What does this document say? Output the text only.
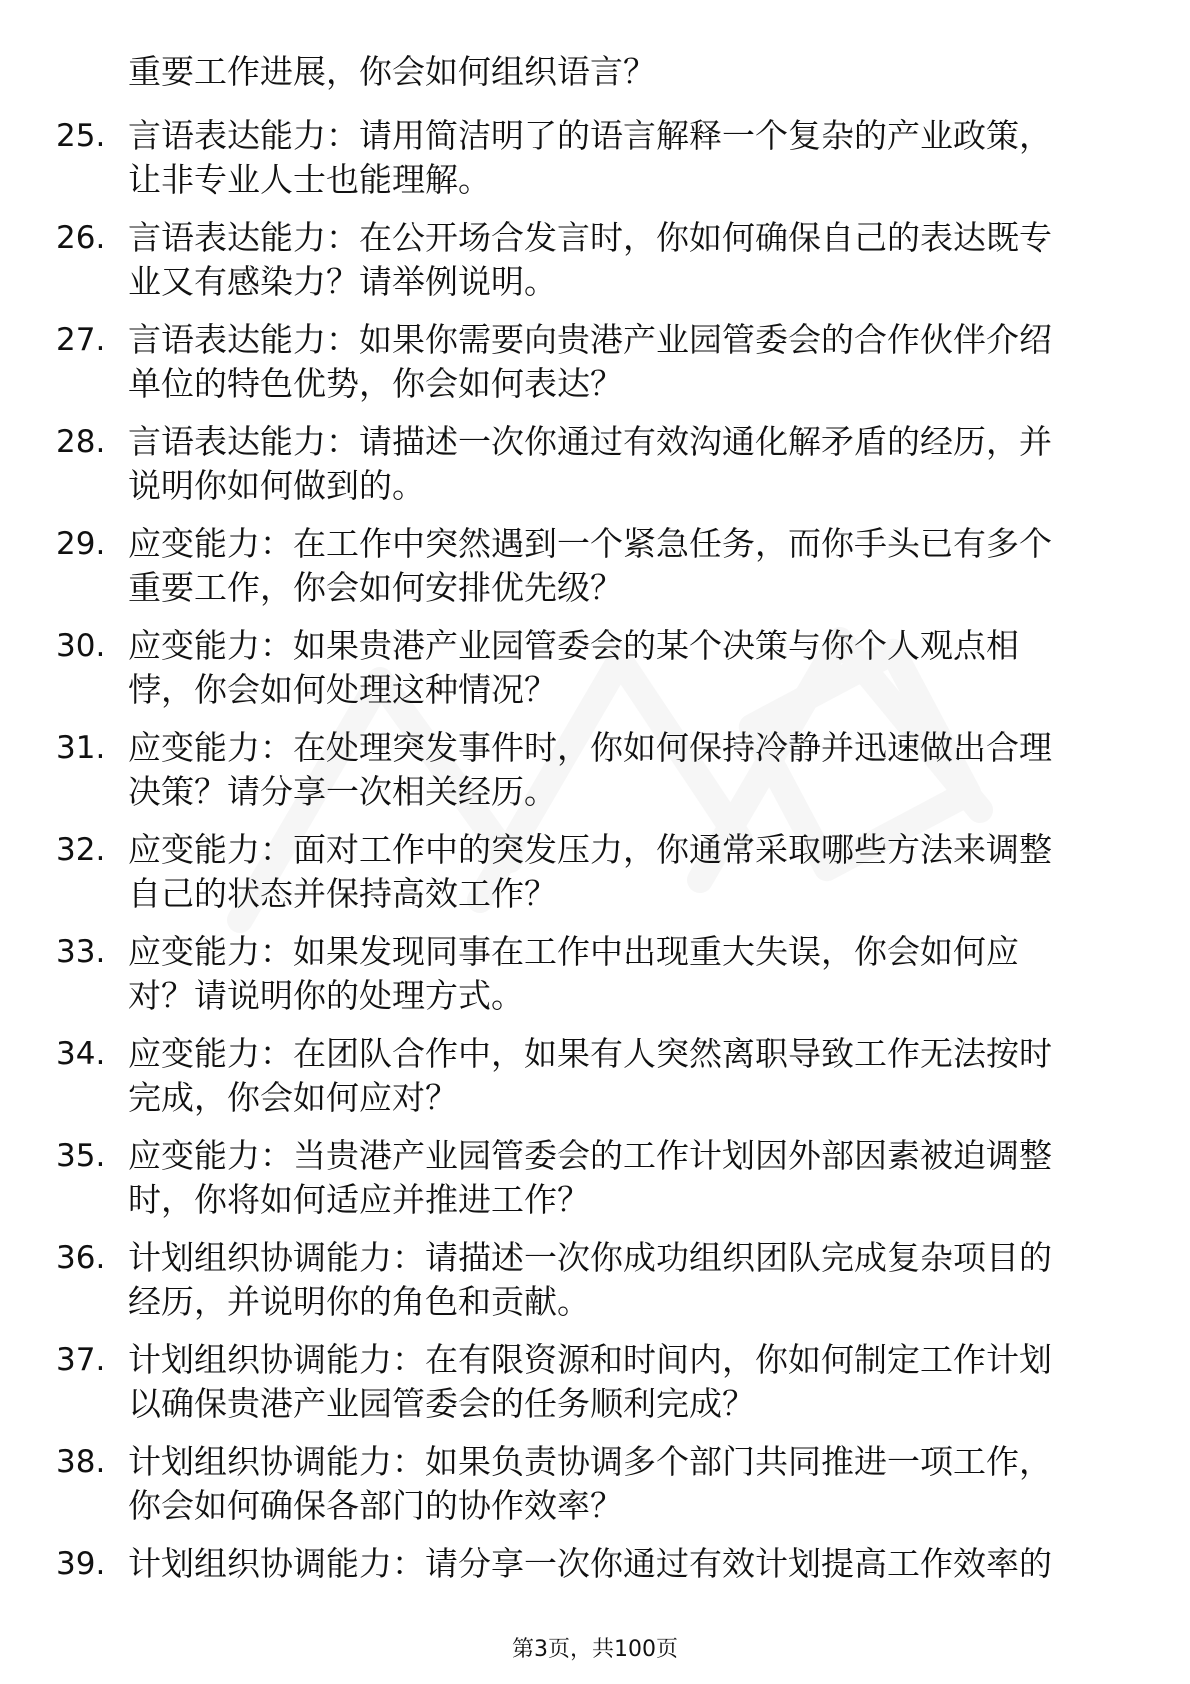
重要工作进展，你会如何组织语言？

25. 言语表达能力：请用简洁明了的语言解释一个复杂的产业政策，
让非专业人士也能理解。
26. 言语表达能力：在公开场合发言时，你如何确保自己的表达既专
业又有感染力？请举例说明。
27. 言语表达能力：如果你需要向贵港产业园管委会的合作伙伴介绍
单位的特色优势，你会如何表达？
28. 言语表达能力：请描述一次你通过有效沟通化解矛盾的经历，并
说明你如何做到的。
29. 应变能力：在工作中突然遇到一个紧急任务，而你手头已有多个
重要工作，你会如何安排优先级？
30. 应变能力：如果贵港产业园管委会的某个决策与你个人观点相
悖，你会如何处理这种情况？
31. 应变能力：在处理突发事件时，你如何保持冷静并迅速做出合理
决策？请分享一次相关经历。
32. 应变能力：面对工作中的突发压力，你通常采取哪些方法来调整
自己的状态并保持高效工作？
33. 应变能力：如果发现同事在工作中出现重大失误，你会如何应
对？请说明你的处理方式。
34. 应变能力：在团队合作中，如果有人突然离职导致工作无法按时
完成，你会如何应对？
35. 应变能力：当贵港产业园管委会的工作计划因外部因素被迫调整
时，你将如何适应并推进工作？
36. 计划组织协调能力：请描述一次你成功组织团队完成复杂项目的
经历，并说明你的角色和贡献。
37. 计划组织协调能力：在有限资源和时间内，你如何制定工作计划
以确保贵港产业园管委会的任务顺利完成？
38. 计划组织协调能力：如果负责协调多个部门共同推进一项工作，
你会如何确保各部门的协作效率？
39. 计划组织协调能力：请分享一次你通过有效计划提高工作效率的
第3页，共100页
